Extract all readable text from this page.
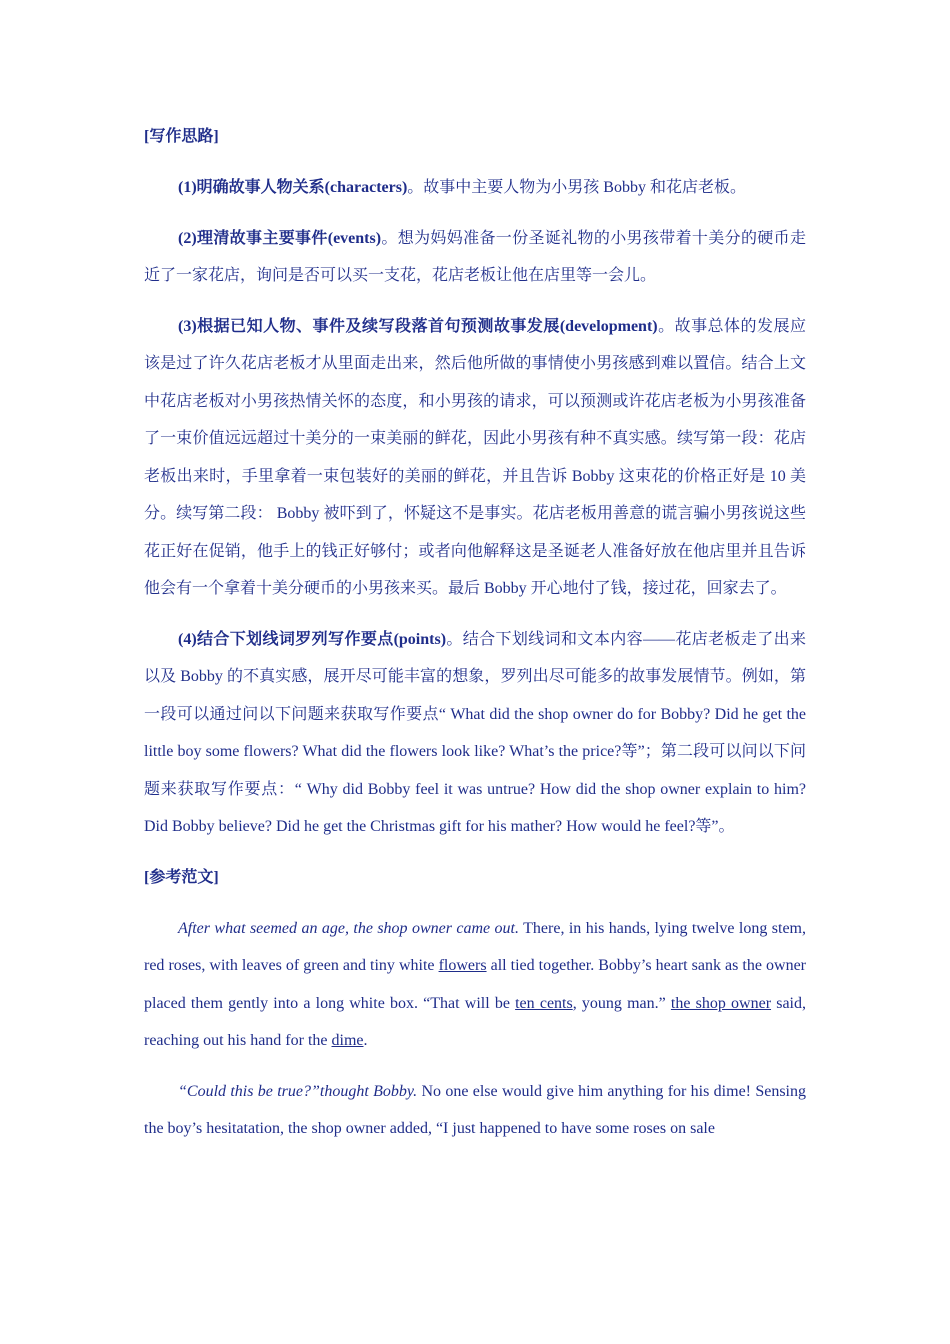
[写作思路]

(1)明确故事人物关系(characters)。故事中主要人物为小男孩 Bobby 和花店老板。

(2)理清故事主要事件(events)。想为妈妈准备一份圣诞礼物的小男孩带着十美分的硬币走近了一家花店，询问是否可以买一支花，花店老板让他在店里等一会儿。

(3)根据已知人物、事件及续写段落首句预测故事发展(development)。故事总体的发展应该是过了许久花店老板才从里面走出来，然后他所做的事情使小男孩感到难以置信。结合上文中花店老板对小男孩热情关怀的态度，和小男孩的请求，可以预测或许花店老板为小男孩准备了一束价值远远超过十美分的一束美丽的鲜花，因此小男孩有种不真实感。续写第一段：花店老板出来时，手里拿着一束包装好的美丽的鲜花，并且告诉 Bobby 这束花的价格正好是 10 美分。续写第二段： Bobby 被吓到了，怀疑这不是事实。花店老板用善意的谎言骗小男孩说这些花正好在促销，他手上的钱正好够付；或者向他解释这是圣诞老人准备好放在他店里并且告诉他会有一个拿着十美分硬币的小男孩来买。最后 Bobby 开心地付了钱，接过花，回家去了。

(4)结合下划线词罗列写作要点(points)。结合下划线词和文本内容——花店老板走了出来以及 Bobby 的不真实感，展开尽可能丰富的想象，罗列出尽可能多的故事发展情节。例如，第一段可以通过问以下问题来获取写作要点“ What did the shop owner do for Bobby? Did he get the little boy some flowers? What did the flowers look like? What’s the price?等”；第二段可以问以下问题来获取写作要点：“ Why did Bobby feel it was untrue? How did the shop owner explain to him? Did Bobby believe? Did he get the Christmas gift for his mather? How would he feel?等”。

[参考范文]

After what seemed an age, the shop owner came out. There, in his hands, lying twelve long stem, red roses, with leaves of green and tiny white flowers all tied together. Bobby’s heart sank as the owner placed them gently into a long white box. “That will be ten cents, young man.” the shop owner said, reaching out his hand for the dime.

“Could this be true?”thought Bobby. No one else would give him anything for his dime! Sensing the boy’s hesitatation, the shop owner added, “I just happened to have some roses on sale
